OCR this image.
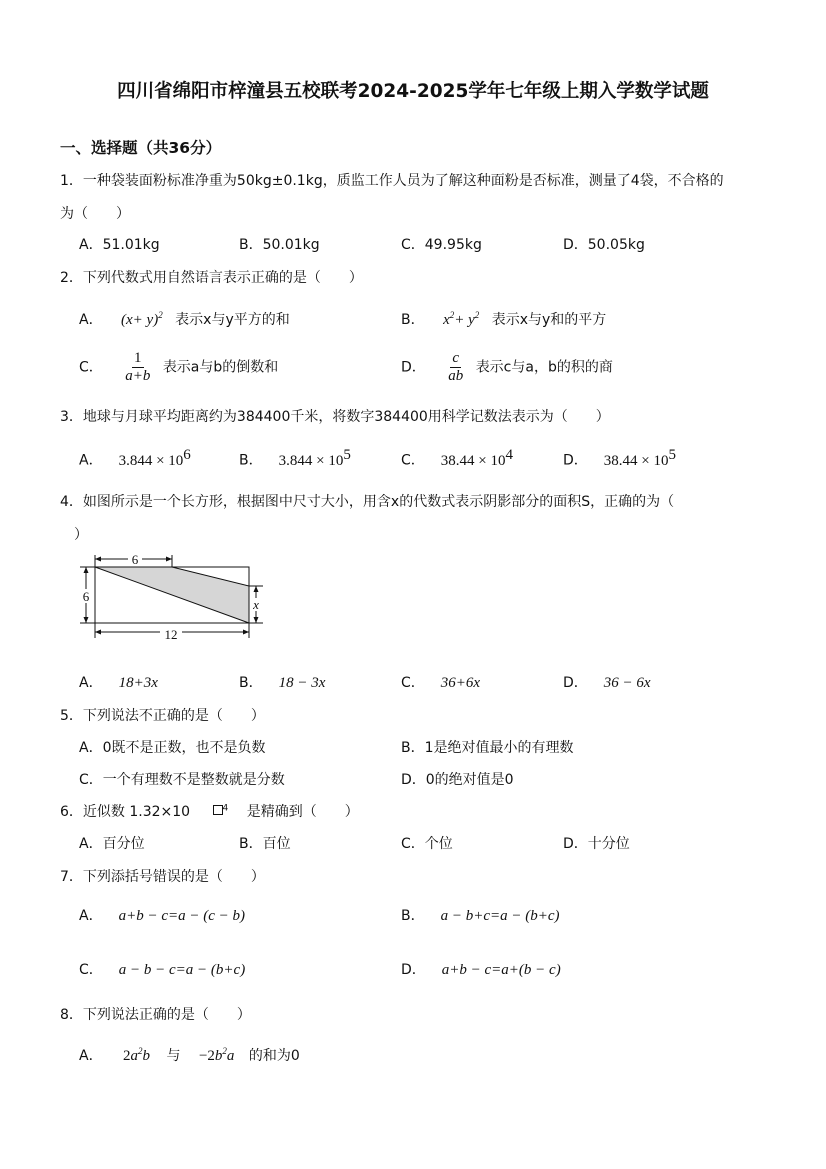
四川省绵阳市梓潼县五校联考2024-2025学年七年级上期入学数学试题
一、选择题（共36分）
1．一种袋装面粉标准净重为50kg±0.1kg，质监工作人员为了解这种面粉是否标准，测量了4袋，不合格的
为（　　）
A．51.01kg	B．50.01kg	C．49.95kg	D．50.05kg
2．下列代数式用自然语言表示正确的是（　　）
A． $(x+ y)^2$ 表示x与y平方的和	B． $x^2+ y^2$ 表示x与y和的平方
C． $\frac{1}{a+b}$ 表示a与b的倒数和	D． $\frac{c}{ab}$ 表示c与a，b的积的商
3．地球与月球平均距离约为384400千米，将数字384400用科学记数法表示为（　　）
A． $3.844 \times 10^6$	B． $3.844 \times 10^5$	C． $38.44 \times 10^4$	D． $38.44 \times 10^5$
4．如图所示是一个长方形，根据图中尺寸大小，用含x的代数式表示阴影部分的面积S，正确的为（
）
6
6
x
12
A． 18+3x	B． 18 − 3x	C． 36+6x	D． 36 − 6x
5．下列说法不正确的是（　　）
A．0既不是正数，也不是负数	B．1是绝对值最小的有理数
C．一个有理数不是整数就是分数	D．0的绝对值是0
6．近似数 1.32×10	$^4$ 是精确到（　　）
A．百分位	B．百位	C．个位	D．十分位
7．下列添括号错误的是（　　）
A． a+b − c=a − (c − b)	B． a − b+c=a − (b+c)
C． a − b − c=a − (b+c)	D． a+b − c=a+(b − c)
8．下列说法正确的是（　　）
A． $2a^2b$ 与 $-2b^2a$ 的和为0
